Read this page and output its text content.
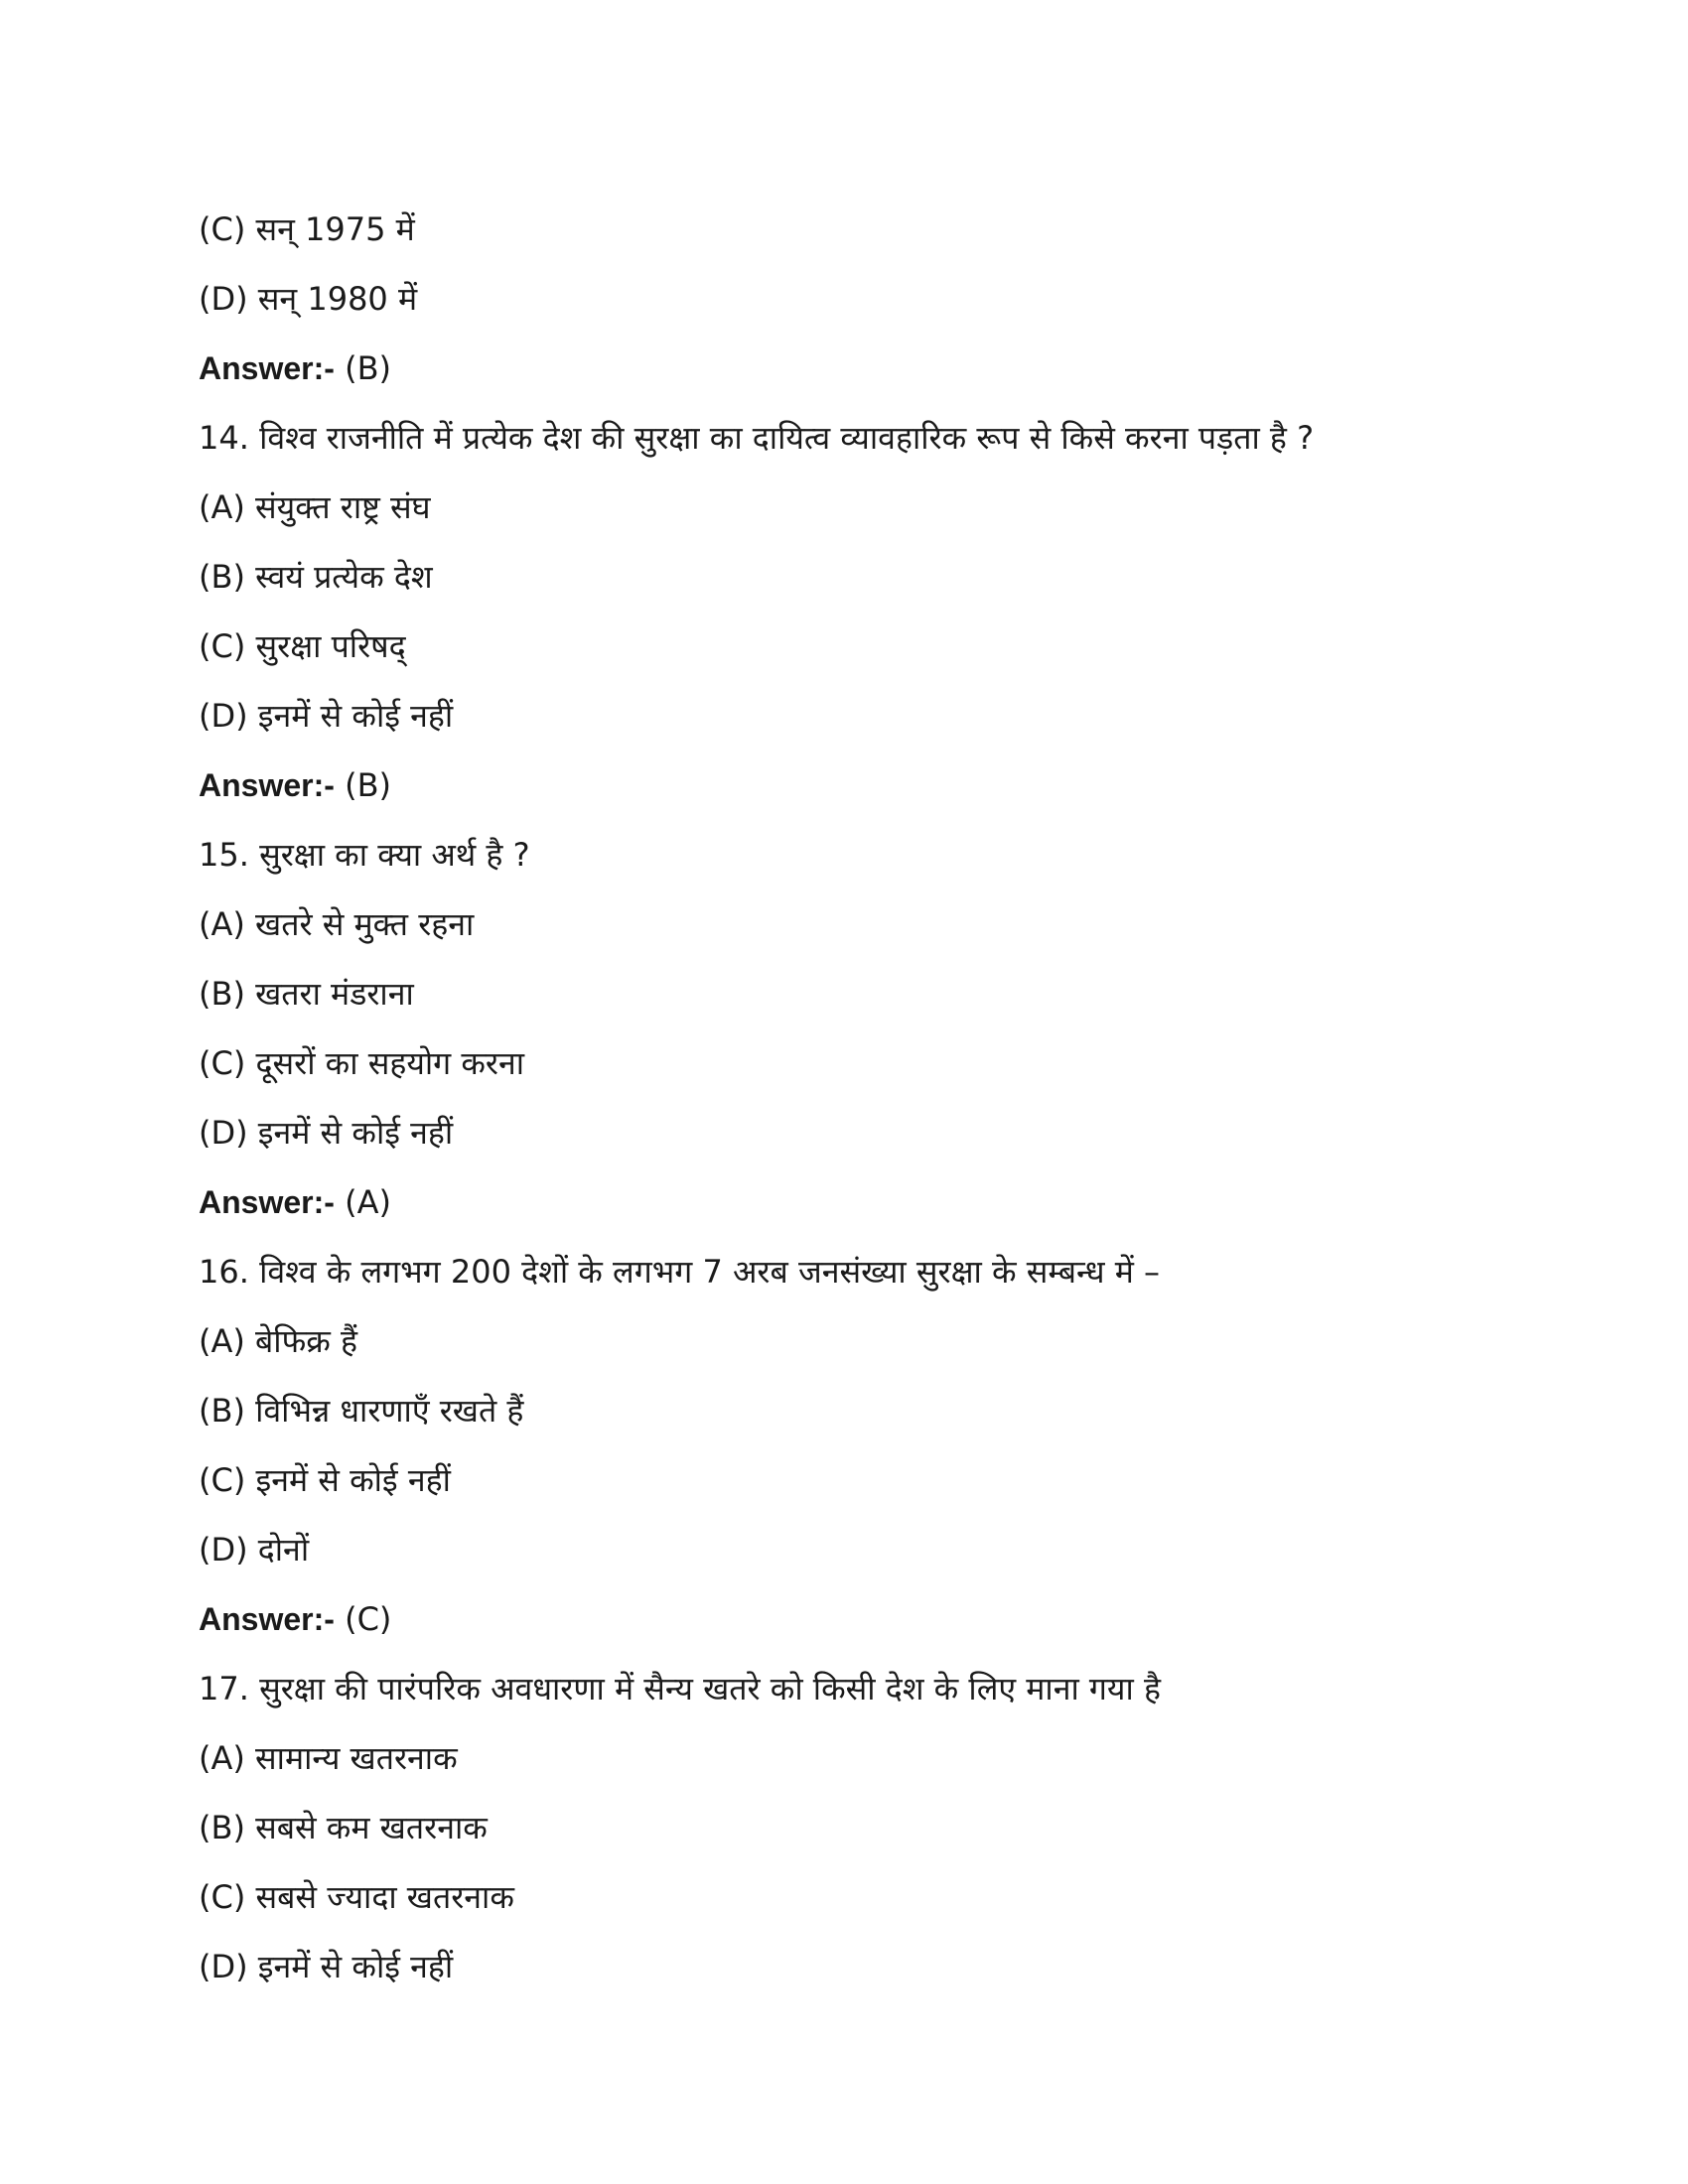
(C) सन् 1975 में
(D) सन् 1980 में
Answer:- (B)
14. विश्व राजनीति में प्रत्येक देश की सुरक्षा का दायित्व व्यावहारिक रूप से किसे करना पड़ता है ?
(A) संयुक्त राष्ट्र संघ
(B) स्वयं प्रत्येक देश
(C) सुरक्षा परिषद्
(D) इनमें से कोई नहीं
Answer:- (B)
15. सुरक्षा का क्या अर्थ है ?
(A) खतरे से मुक्त रहना
(B) खतरा मंडराना
(C) दूसरों का सहयोग करना
(D) इनमें से कोई नहीं
Answer:- (A)
16. विश्व के लगभग 200 देशों के लगभग 7 अरब जनसंख्या सुरक्षा के सम्बन्ध में –
(A) बेफिक्र हैं
(B) विभिन्न धारणाएँ रखते हैं
(C) इनमें से कोई नहीं
(D) दोनों
Answer:- (C)
17. सुरक्षा की पारंपरिक अवधारणा में सैन्य खतरे को किसी देश के लिए माना गया है
(A) सामान्य खतरनाक
(B) सबसे कम खतरनाक
(C) सबसे ज्यादा खतरनाक
(D) इनमें से कोई नहीं
